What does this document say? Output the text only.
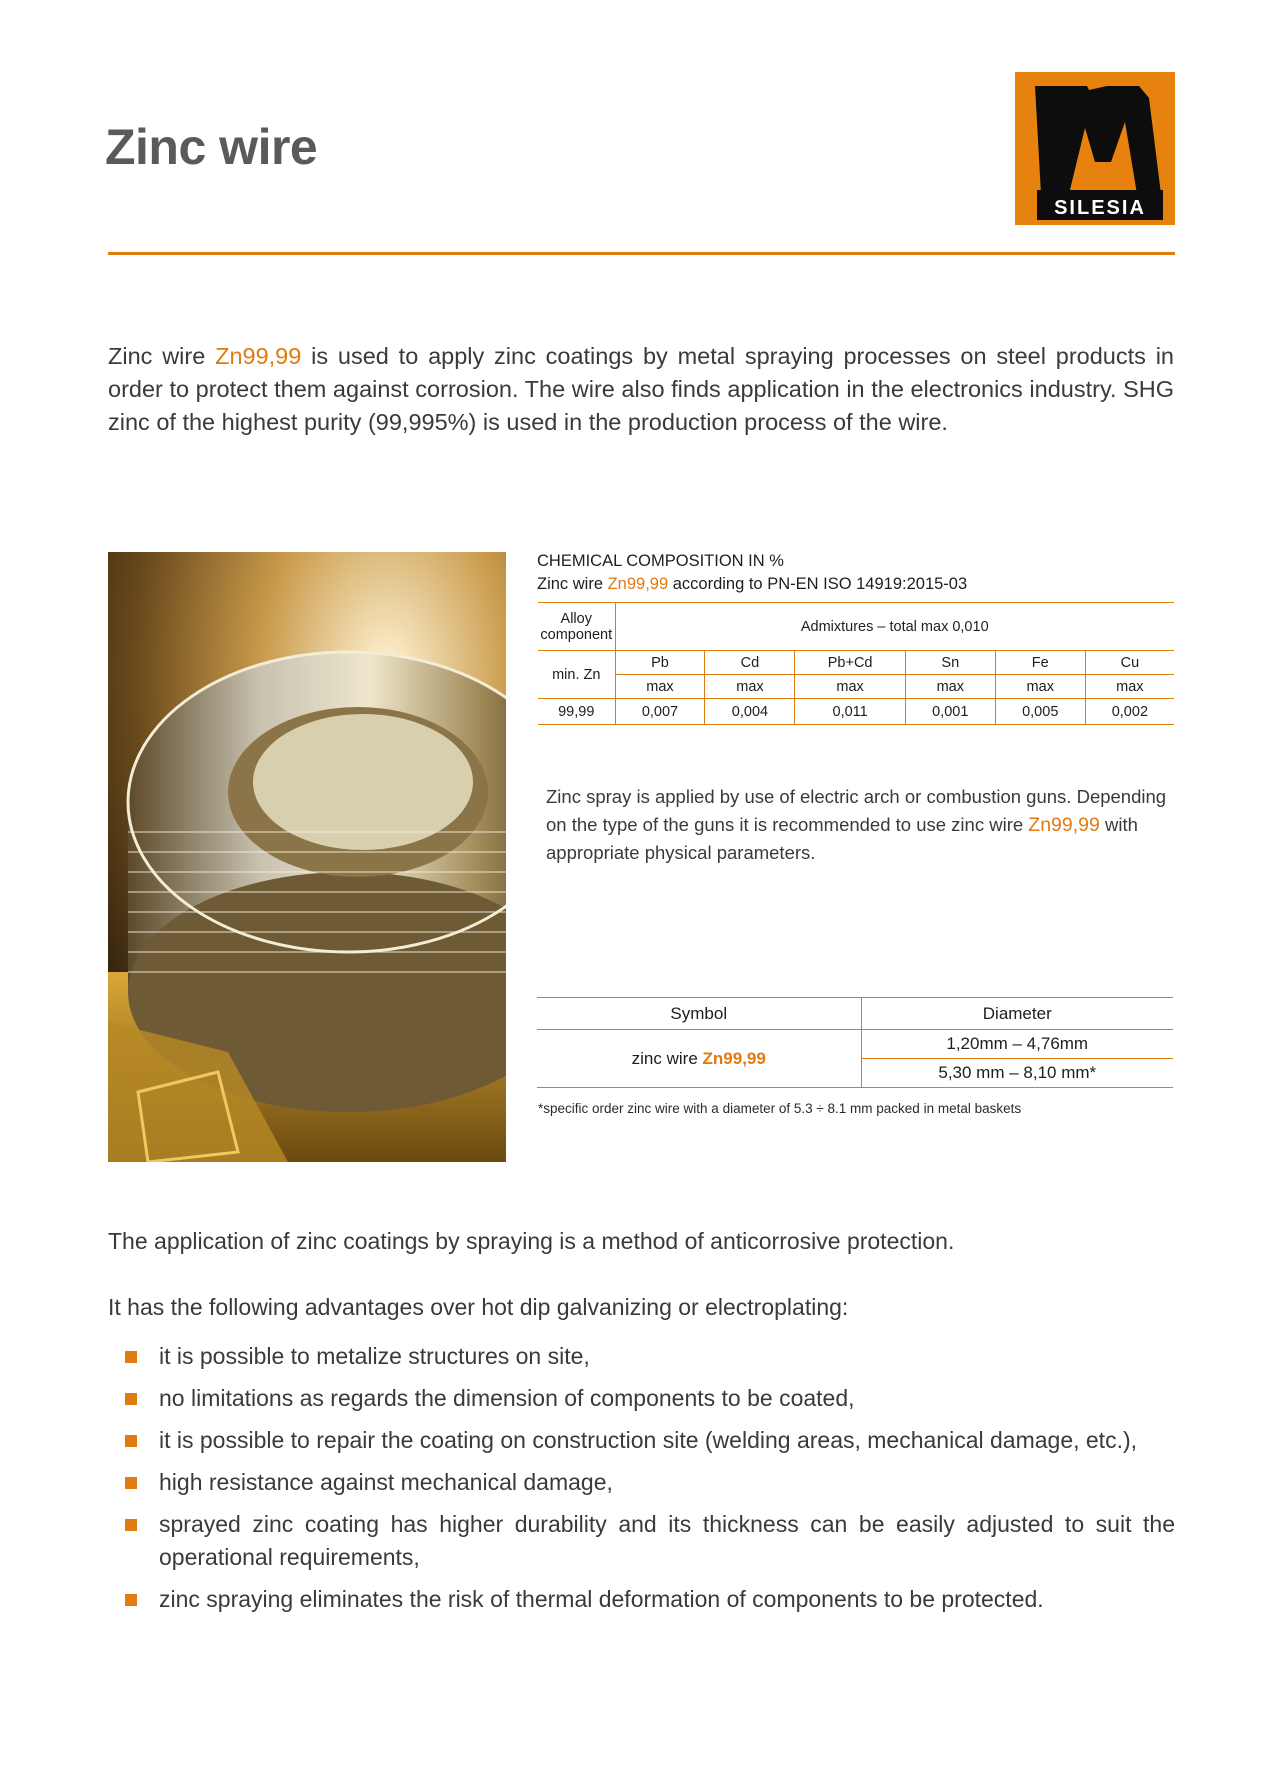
Zinc wire
SILESIA

Zinc wire Zn99,99 is used to apply zinc coatings by metal spraying processes on steel products in order to protect them against corrosion. The wire also finds application in the electronics industry. SHG zinc of the highest purity (99,995%) is used in the production process of the wire.

CHEMICAL COMPOSITION IN %
Zinc wire Zn99,99 according to PN-EN ISO 14919:2015-03
Alloy component	Admixtures – total max 0,010					
min. Zn	Pb	Cd	Pb+Cd	Sn	Fe	Cu
	max	max	max	max	max	max
99,99	0,007	0,004	0,011	0,001	0,005	0,002

Zinc spray is applied by use of electric arch or combustion guns. Depending on the type of the guns it is recommended to use zinc wire Zn99,99 with appropriate physical parameters.

Symbol	Diameter
zinc wire Zn99,99	1,20mm – 4,76mm
	5,30 mm – 8,10 mm*
*specific order zinc wire with a diameter of 5.3 ÷ 8.1 mm packed in metal baskets
The application of zinc coatings by spraying is a method of anticorrosive protection.
It has the following advantages over hot dip galvanizing or electroplating:
it is possible to metalize structures on site,
no limitations as regards the dimension of components to be coated,
it is possible to repair the coating on construction site (welding areas, mechanical damage, etc.),
high resistance against mechanical damage,
sprayed zinc coating has higher durability and its thickness can be easily adjusted to suit the operational requirements,
zinc spraying eliminates the risk of thermal deformation of components to be protected.
